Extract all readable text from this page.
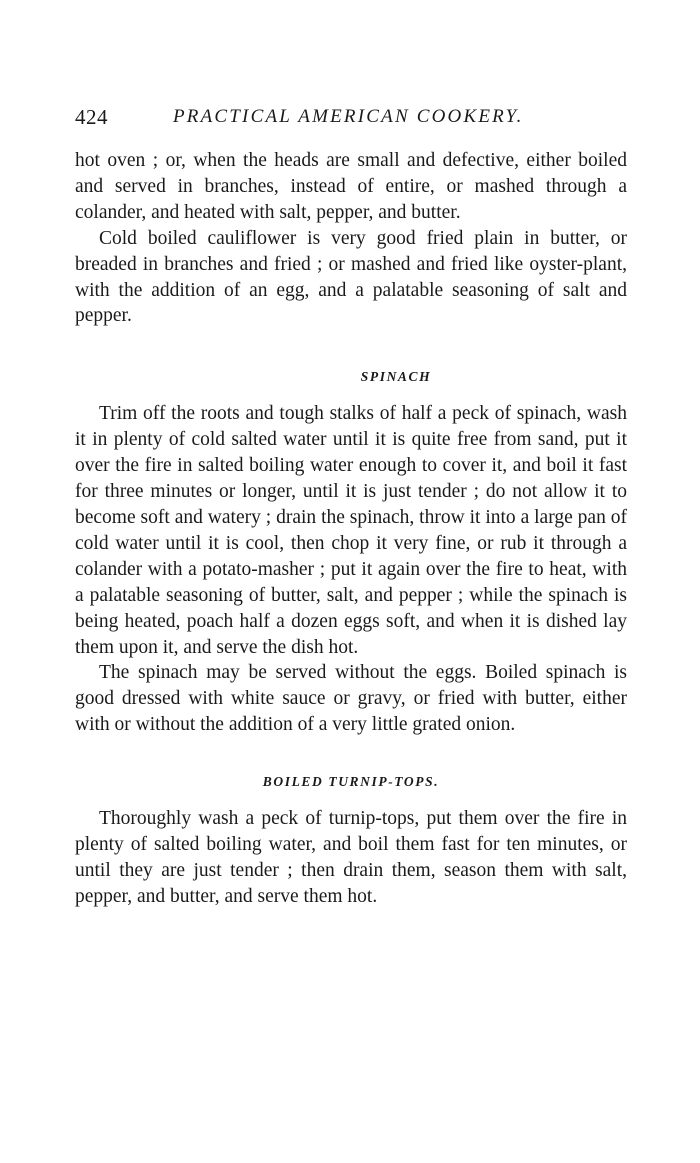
424	PRACTICAL AMERICAN COOKERY.

hot oven ; or, when the heads are small and defective, either boiled and served in branches, instead of entire, or mashed through a colander, and heated with salt, pepper, and butter.

Cold boiled cauliflower is very good fried plain in butter, or breaded in branches and fried ; or mashed and fried like oyster-plant, with the addition of an egg, and a palatable seasoning of salt and pepper.

SPINACH

Trim off the roots and tough stalks of half a peck of spinach, wash it in plenty of cold salted water until it is quite free from sand, put it over the fire in salted boiling water enough to cover it, and boil it fast for three minutes or longer, until it is just tender ; do not allow it to become soft and watery ; drain the spinach, throw it into a large pan of cold water until it is cool, then chop it very fine, or rub it through a colander with a potato-masher ; put it again over the fire to heat, with a palatable seasoning of butter, salt, and pepper ; while the spinach is being heated, poach half a dozen eggs soft, and when it is dished lay them upon it, and serve the dish hot.

The spinach may be served without the eggs. Boiled spinach is good dressed with white sauce or gravy, or fried with butter, either with or without the addition of a very little grated onion.

BOILED TURNIP-TOPS.

Thoroughly wash a peck of turnip-tops, put them over the fire in plenty of salted boiling water, and boil them fast for ten minutes, or until they are just tender ; then drain them, season them with salt, pepper, and butter, and serve them hot.
